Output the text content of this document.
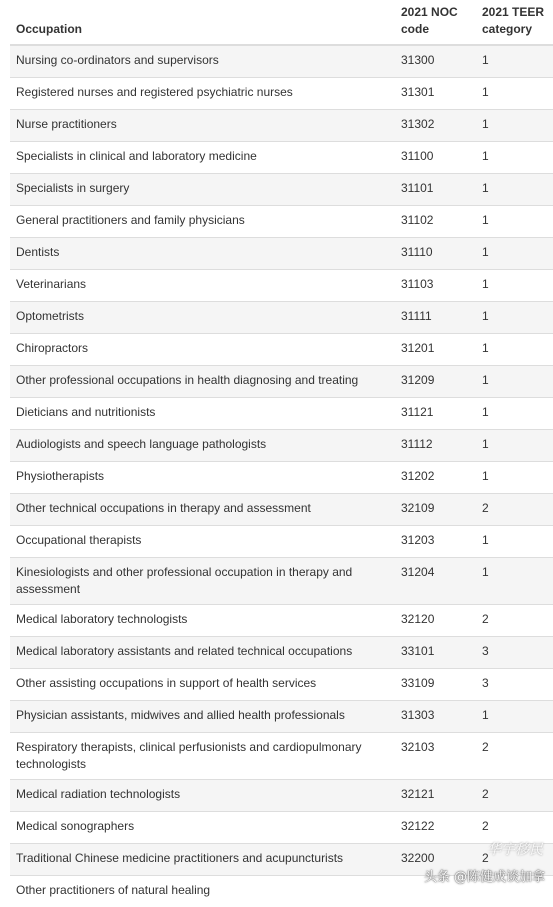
Occupation	2021 NOC code	2021 TEER category
Nursing co-ordinators and supervisors	31300	1
Registered nurses and registered psychiatric nurses	31301	1
Nurse practitioners	31302	1
Specialists in clinical and laboratory medicine	31100	1
Specialists in surgery	31101	1
General practitioners and family physicians	31102	1
Dentists	31110	1
Veterinarians	31103	1
Optometrists	31111	1
Chiropractors	31201	1
Other professional occupations in health diagnosing and treating	31209	1
Dieticians and nutritionists	31121	1
Audiologists and speech language pathologists	31112	1
Physiotherapists	31202	1
Other technical occupations in therapy and assessment	32109	2
Occupational therapists	31203	1
Kinesiologists and other professional occupation in therapy and assessment	31204	1
Medical laboratory technologists	32120	2
Medical laboratory assistants and related technical occupations	33101	3
Other assisting occupations in support of health services	33109	3
Physician assistants, midwives and allied health professionals	31303	1
Respiratory therapists, clinical perfusionists and cardiopulmonary technologists	32103	2
Medical radiation technologists	32121	2
Medical sonographers	32122	2
Traditional Chinese medicine practitioners and acupuncturists	32200	2
Other practitioners of natural healing		
华宇移民
头条 @陈健成谈加拿
